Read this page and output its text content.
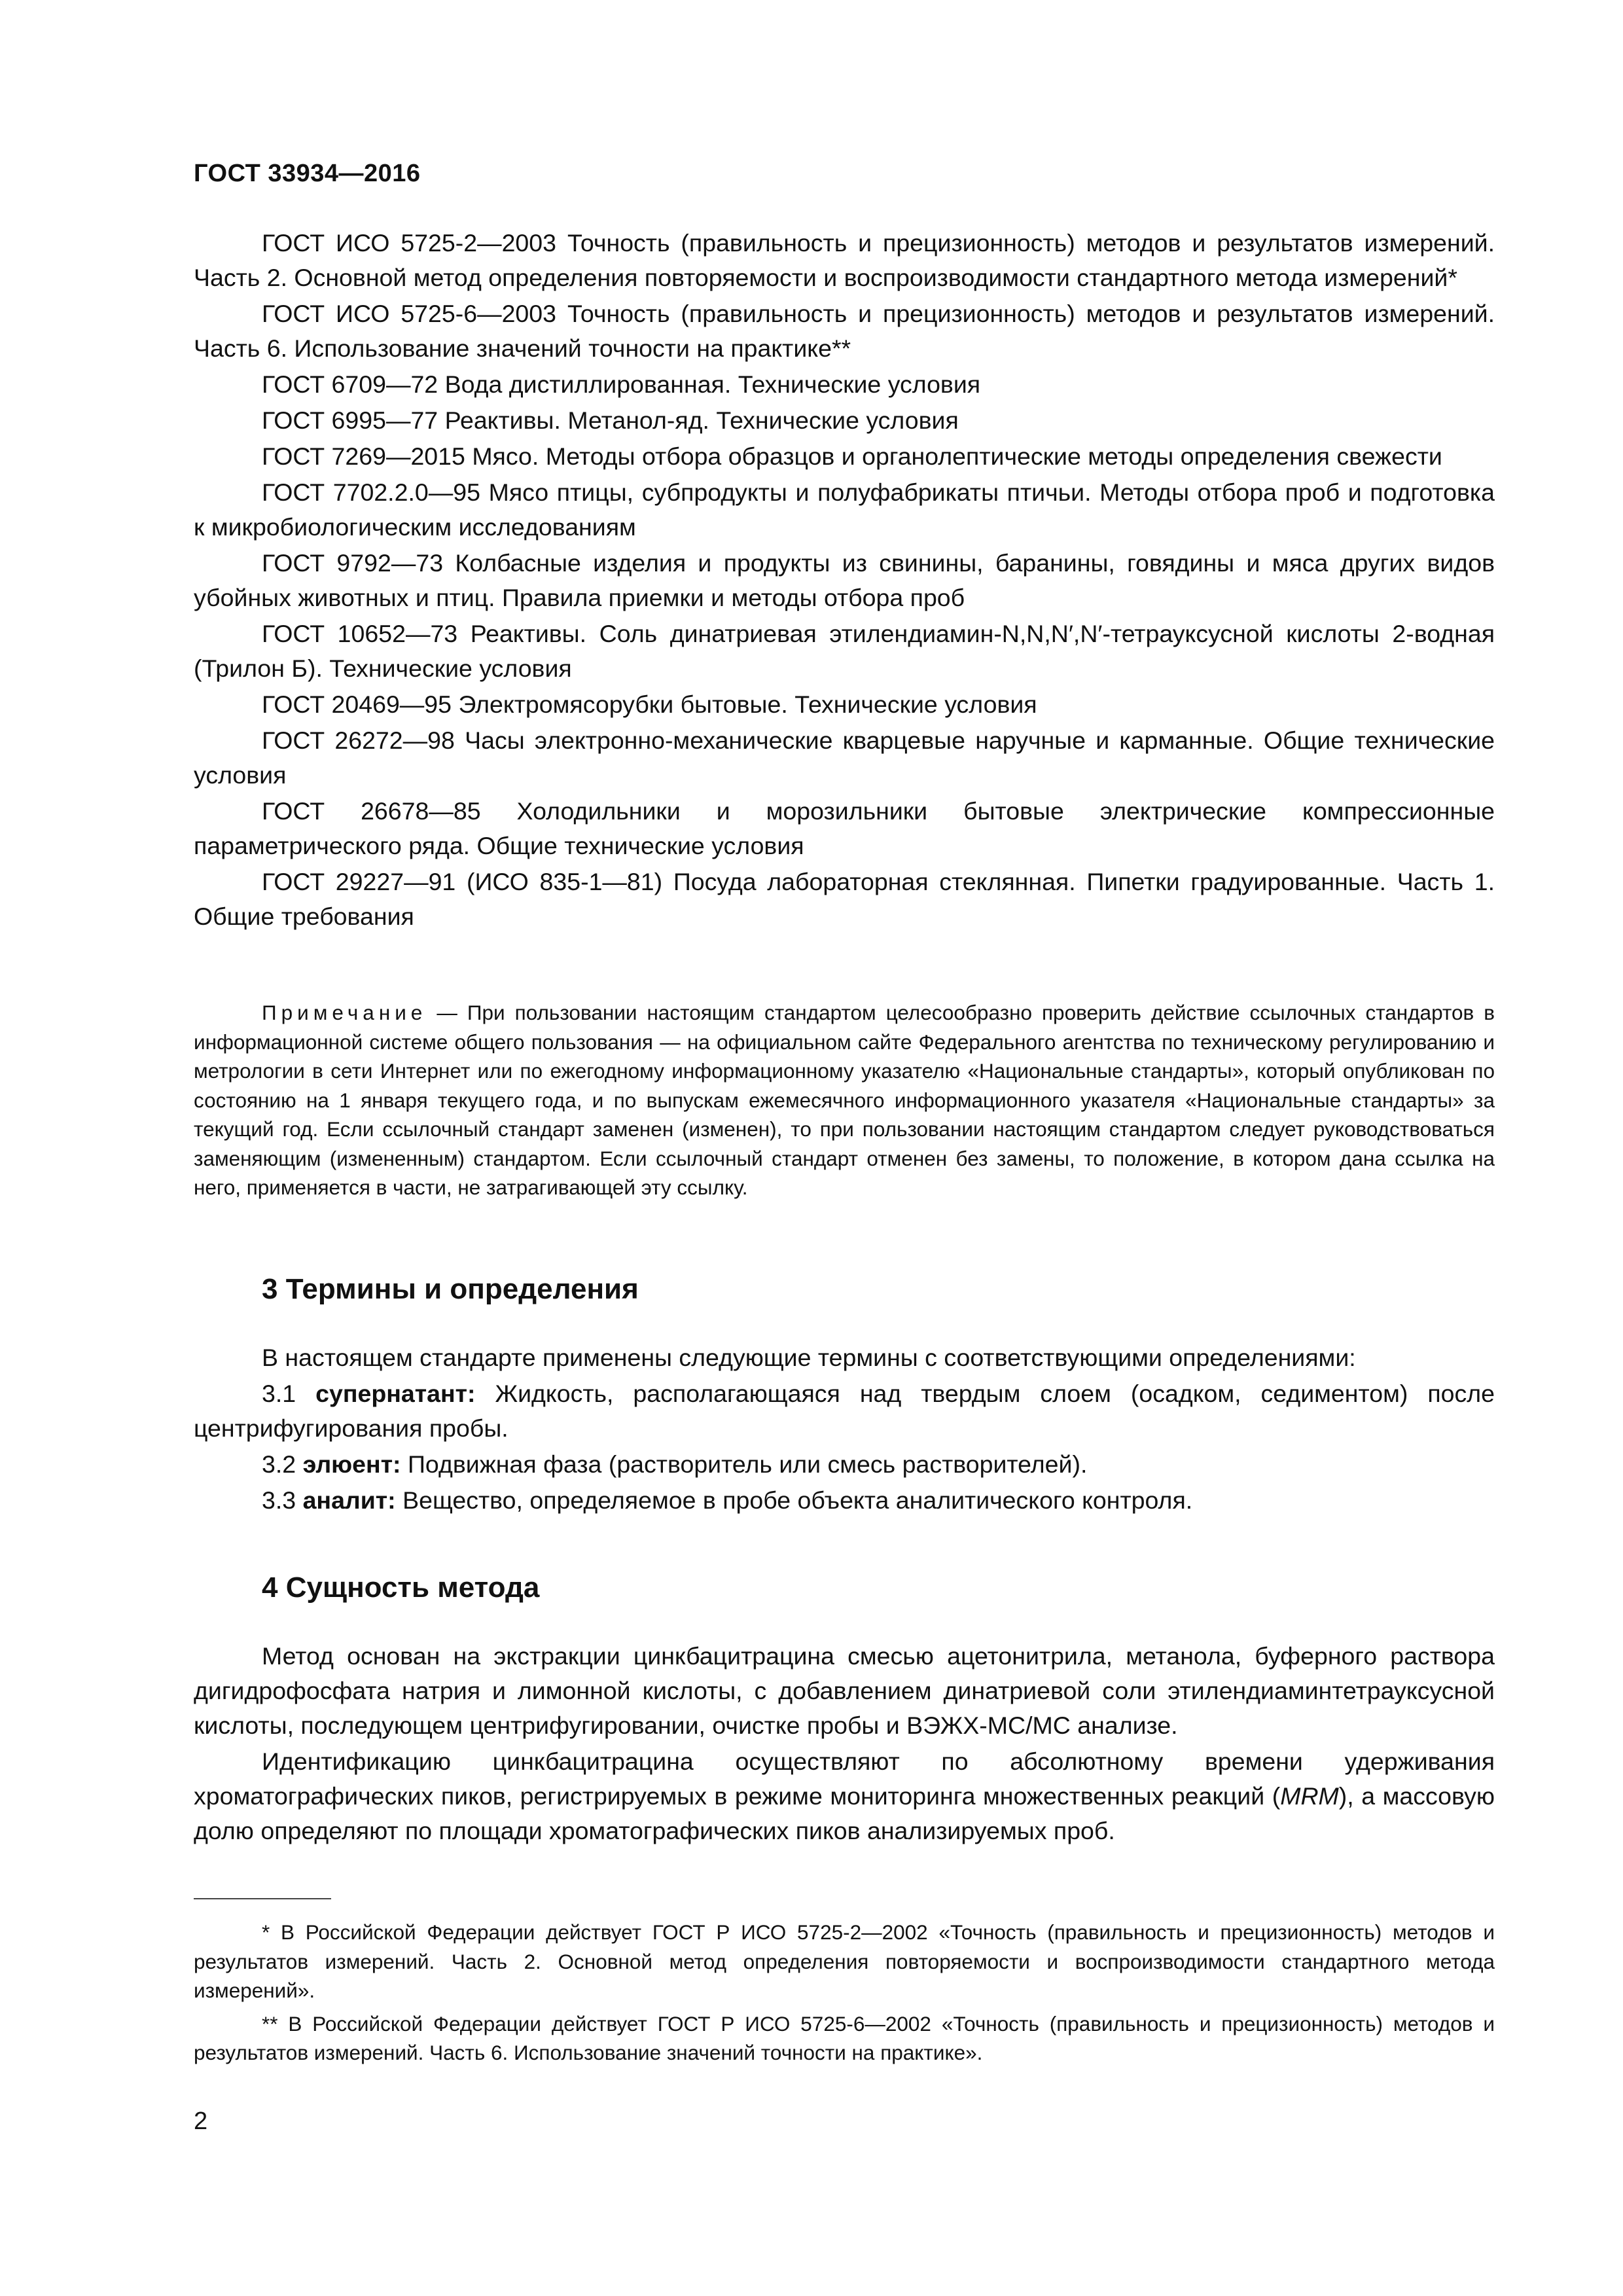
ГОСТ 33934—2016

ГОСТ ИСО 5725-2—2003 Точность (правильность и прецизионность) методов и результатов измерений. Часть 2. Основной метод определения повторяемости и воспроизводимости стандартного метода измерений*

ГОСТ ИСО 5725-6—2003 Точность (правильность и прецизионность) методов и результатов измерений. Часть 6. Использование значений точности на практике**

ГОСТ 6709—72 Вода дистиллированная. Технические условия

ГОСТ 6995—77 Реактивы. Метанол-яд. Технические условия

ГОСТ 7269—2015 Мясо. Методы отбора образцов и органолептические методы определения свежести

ГОСТ 7702.2.0—95 Мясо птицы, субпродукты и полуфабрикаты птичьи. Методы отбора проб и подготовка к микробиологическим исследованиям

ГОСТ 9792—73 Колбасные изделия и продукты из свинины, баранины, говядины и мяса других видов убойных животных и птиц. Правила приемки и методы отбора проб

ГОСТ 10652—73 Реактивы. Соль динатриевая этилендиамин-N,N,N′,N′-тетрауксусной кислоты 2-водная (Трилон Б). Технические условия

ГОСТ 20469—95 Электромясорубки бытовые. Технические условия

ГОСТ 26272—98 Часы электронно-механические кварцевые наручные и карманные. Общие технические условия

ГОСТ 26678—85 Холодильники и морозильники бытовые электрические компрессионные параметрического ряда. Общие технические условия

ГОСТ 29227—91 (ИСО 835-1—81) Посуда лабораторная стеклянная. Пипетки градуированные. Часть 1. Общие требования

Примечание — При пользовании настоящим стандартом целесообразно проверить действие ссылочных стандартов в информационной системе общего пользования — на официальном сайте Федерального агентства по техническому регулированию и метрологии в сети Интернет или по ежегодному информационному указателю «Национальные стандарты», который опубликован по состоянию на 1 января текущего года, и по выпускам ежемесячного информационного указателя «Национальные стандарты» за текущий год. Если ссылочный стандарт заменен (изменен), то при пользовании настоящим стандартом следует руководствоваться заменяющим (измененным) стандартом. Если ссылочный стандарт отменен без замены, то положение, в котором дана ссылка на него, применяется в части, не затрагивающей эту ссылку.

3 Термины и определения

В настоящем стандарте применены следующие термины с соответствующими определениями:

3.1 супернатант: Жидкость, располагающаяся над твердым слоем (осадком, седиментом) после центрифугирования пробы.

3.2 элюент: Подвижная фаза (растворитель или смесь растворителей).

3.3 аналит: Вещество, определяемое в пробе объекта аналитического контроля.

4 Сущность метода

Метод основан на экстракции цинкбацитрацина смесью ацетонитрила, метанола, буферного раствора дигидрофосфата натрия и лимонной кислоты, с добавлением динатриевой соли этилендиаминтетрауксусной кислоты, последующем центрифугировании, очистке пробы и ВЭЖХ-МС/МС анализе.

Идентификацию цинкбацитрацина осуществляют по абсолютному времени удерживания хроматографических пиков, регистрируемых в режиме мониторинга множественных реакций (MRM), а массовую долю определяют по площади хроматографических пиков анализируемых проб.

* В Российской Федерации действует ГОСТ Р ИСО 5725-2—2002 «Точность (правильность и прецизионность) методов и результатов измерений. Часть 2. Основной метод определения повторяемости и воспроизводимости стандартного метода измерений».

** В Российской Федерации действует ГОСТ Р ИСО 5725-6—2002 «Точность (правильность и прецизионность) методов и результатов измерений. Часть 6. Использование значений точности на практике».

2
